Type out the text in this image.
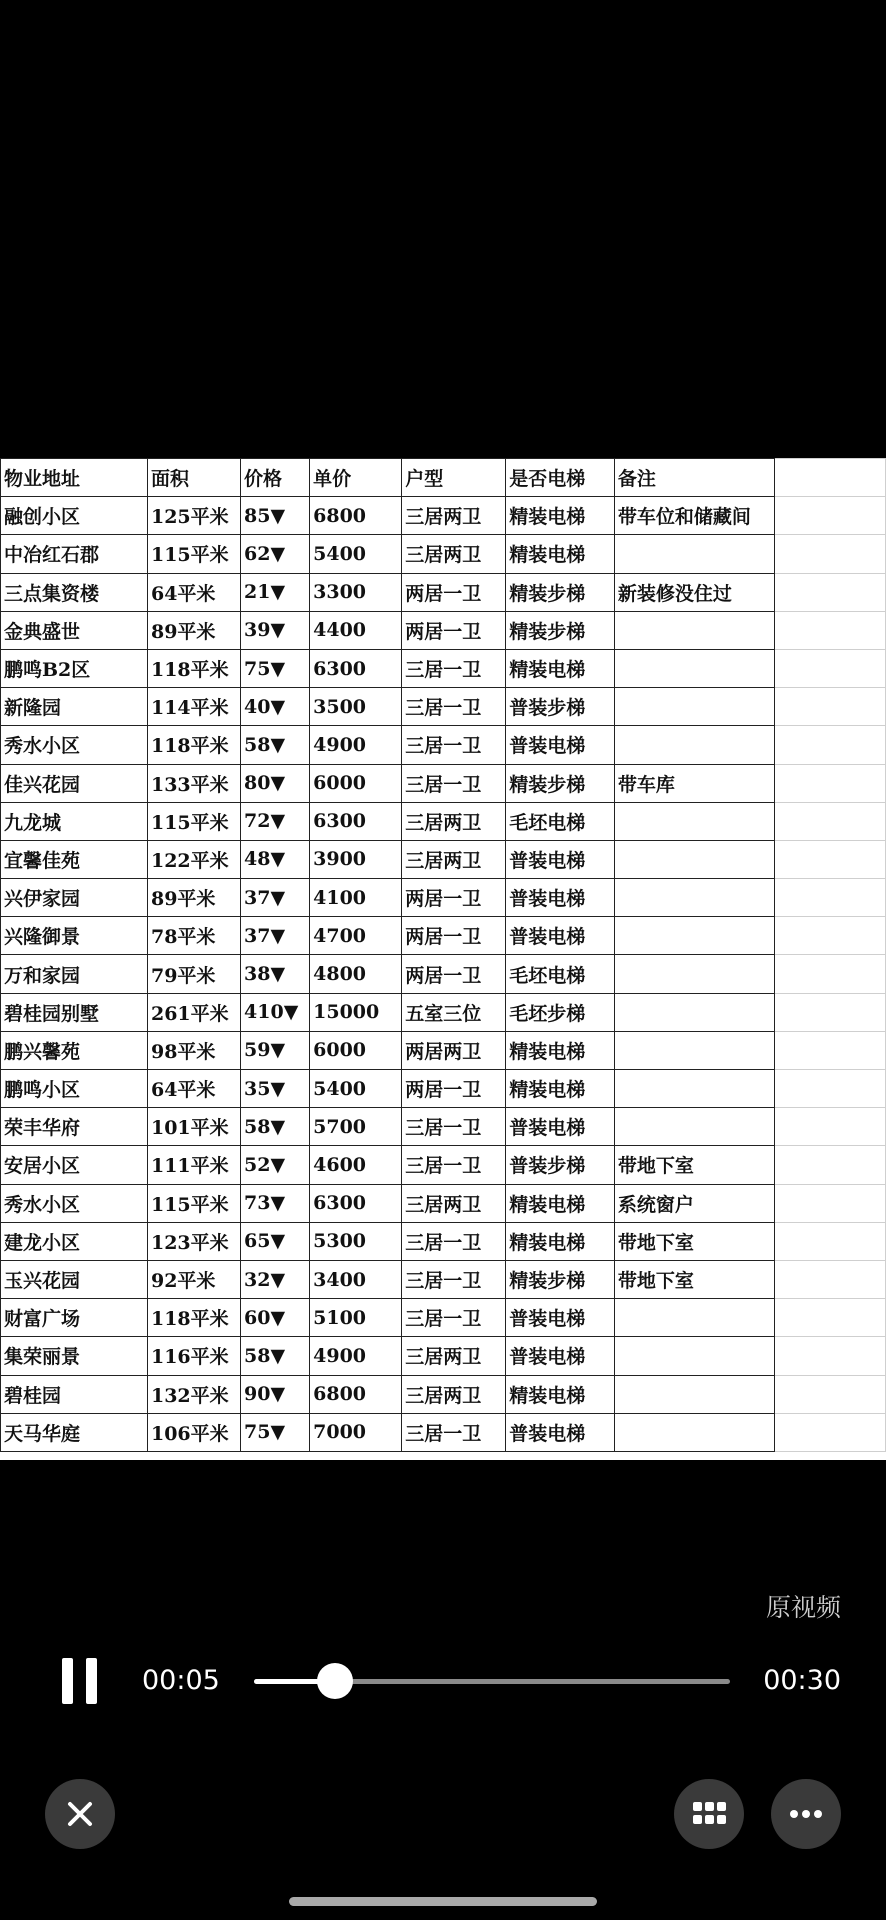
物业地址	面积	价格	单价	户型	是否电梯	备注	
融创小区	125平米	85▼	6800	三居两卫	精装电梯	带车位和储藏间	
中冶红石郡	115平米	62▼	5400	三居两卫	精装电梯		
三点集资楼	64平米	21▼	3300	两居一卫	精装步梯	新装修没住过	
金典盛世	89平米	39▼	4400	两居一卫	精装步梯		
鹏鸣B2区	118平米	75▼	6300	三居一卫	精装电梯		
新隆园	114平米	40▼	3500	三居一卫	普装步梯		
秀水小区	118平米	58▼	4900	三居一卫	普装电梯		
佳兴花园	133平米	80▼	6000	三居一卫	精装步梯	带车库	
九龙城	115平米	72▼	6300	三居两卫	毛坯电梯		
宜馨佳苑	122平米	48▼	3900	三居两卫	普装电梯		
兴伊家园	89平米	37▼	4100	两居一卫	普装电梯		
兴隆御景	78平米	37▼	4700	两居一卫	普装电梯		
万和家园	79平米	38▼	4800	两居一卫	毛坯电梯		
碧桂园别墅	261平米	410▼	15000	五室三位	毛坯步梯		
鹏兴馨苑	98平米	59▼	6000	两居两卫	精装电梯		
鹏鸣小区	64平米	35▼	5400	两居一卫	精装电梯		
荣丰华府	101平米	58▼	5700	三居一卫	普装电梯		
安居小区	111平米	52▼	4600	三居一卫	普装步梯	带地下室	
秀水小区	115平米	73▼	6300	三居两卫	精装电梯	系统窗户	
建龙小区	123平米	65▼	5300	三居一卫	精装电梯	带地下室	
玉兴花园	92平米	32▼	3400	三居一卫	精装步梯	带地下室	
财富广场	118平米	60▼	5100	三居一卫	普装电梯		
集荣丽景	116平米	58▼	4900	三居两卫	普装电梯		
碧桂园	132平米	90▼	6800	三居两卫	精装电梯		
天马华庭	106平米	75▼	7000	三居一卫	普装电梯		
原视频
00:05	00:30
